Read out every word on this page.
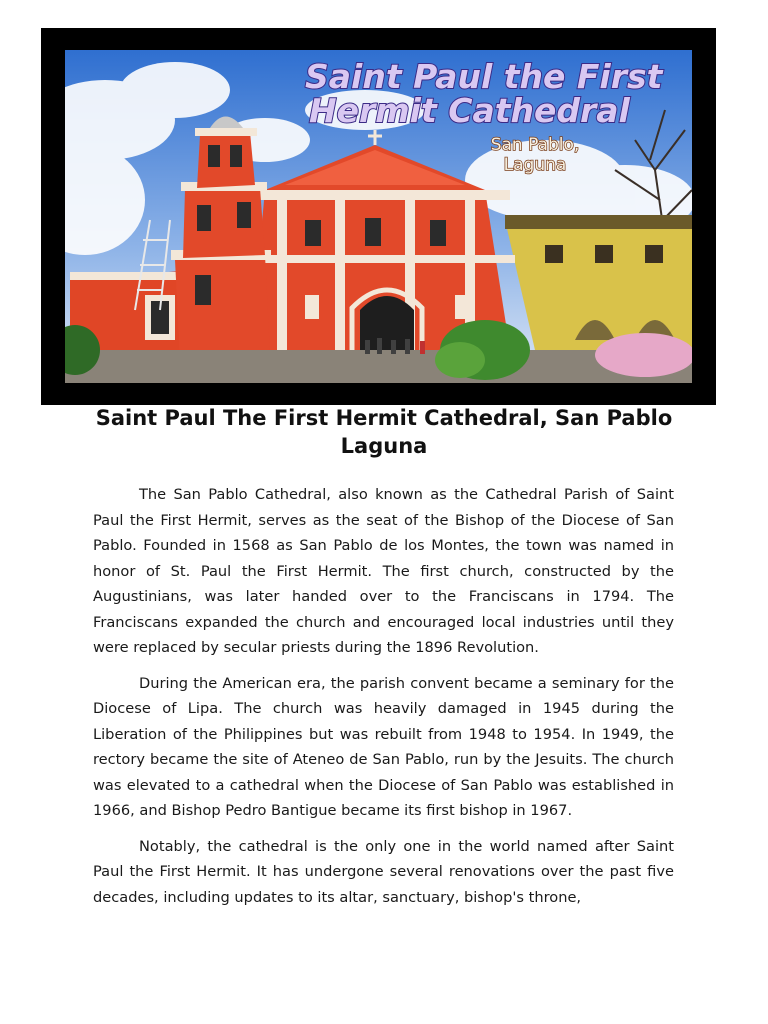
Saint Paul the First
Hermit Cathedral
San Pablo,
Laguna
Saint Paul The First Hermit Cathedral, San Pablo Laguna

The San Pablo Cathedral, also known as the Cathedral Parish of Saint Paul the First Hermit, serves as the seat of the Bishop of the Diocese of San Pablo. Founded in 1568 as San Pablo de los Montes, the town was named in honor of St. Paul the First Hermit. The first church, constructed by the Augustinians, was later handed over to the Franciscans in 1794. The Franciscans expanded the church and encouraged local industries until they were replaced by secular priests during the 1896 Revolution.

During the American era, the parish convent became a seminary for the Diocese of Lipa. The church was heavily damaged in 1945 during the Liberation of the Philippines but was rebuilt from 1948 to 1954. In 1949, the rectory became the site of Ateneo de San Pablo, run by the Jesuits. The church was elevated to a cathedral when the Diocese of San Pablo was established in 1966, and Bishop Pedro Bantigue became its first bishop in 1967.

Notably, the cathedral is the only one in the world named after Saint Paul the First Hermit. It has undergone several renovations over the past five decades, including updates to its altar, sanctuary, bishop's throne,
